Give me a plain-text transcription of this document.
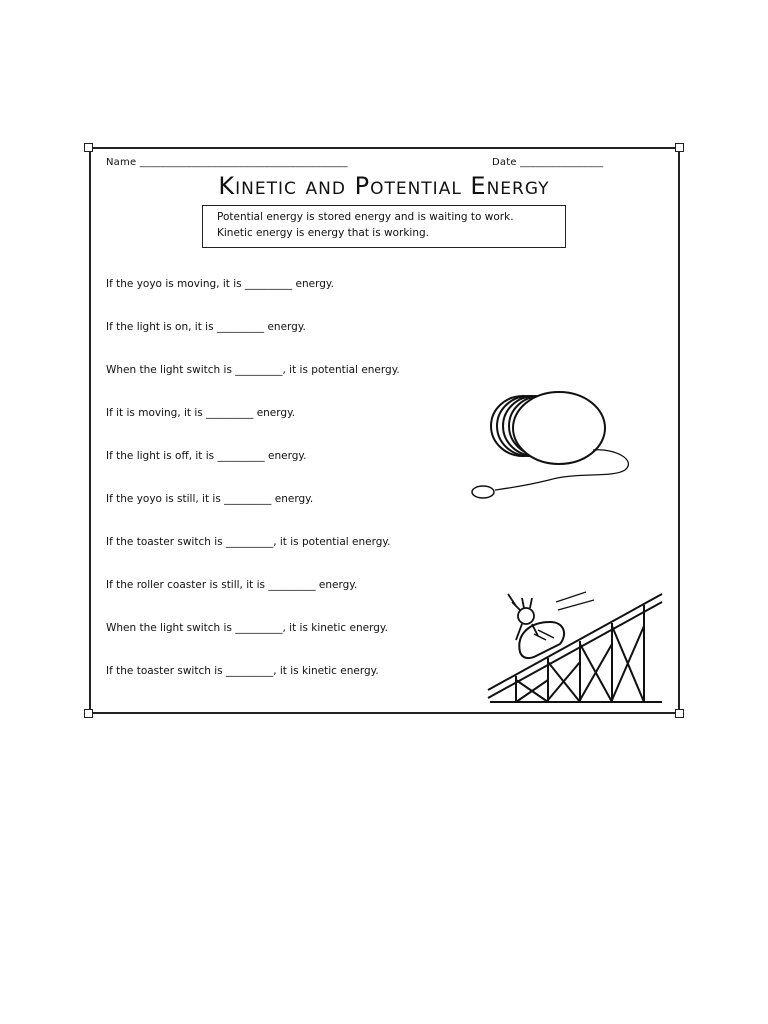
Name ________________________________________	Date ________________
Kinetic and Potential Energy
Potential energy is stored energy and is waiting to work.
Kinetic energy is energy that is working.
If the yoyo is moving, it is _________ energy.
If the light is on, it is _________ energy.
When the light switch is _________, it is potential energy.
If it is moving, it is _________ energy.
If the light is off, it is _________ energy.
If the yoyo is still, it is _________ energy.
If the toaster switch is _________, it is potential energy.
If the roller coaster is still, it is _________ energy.
When the light switch is _________, it is kinetic energy.
If the toaster switch is _________, it is kinetic energy.
